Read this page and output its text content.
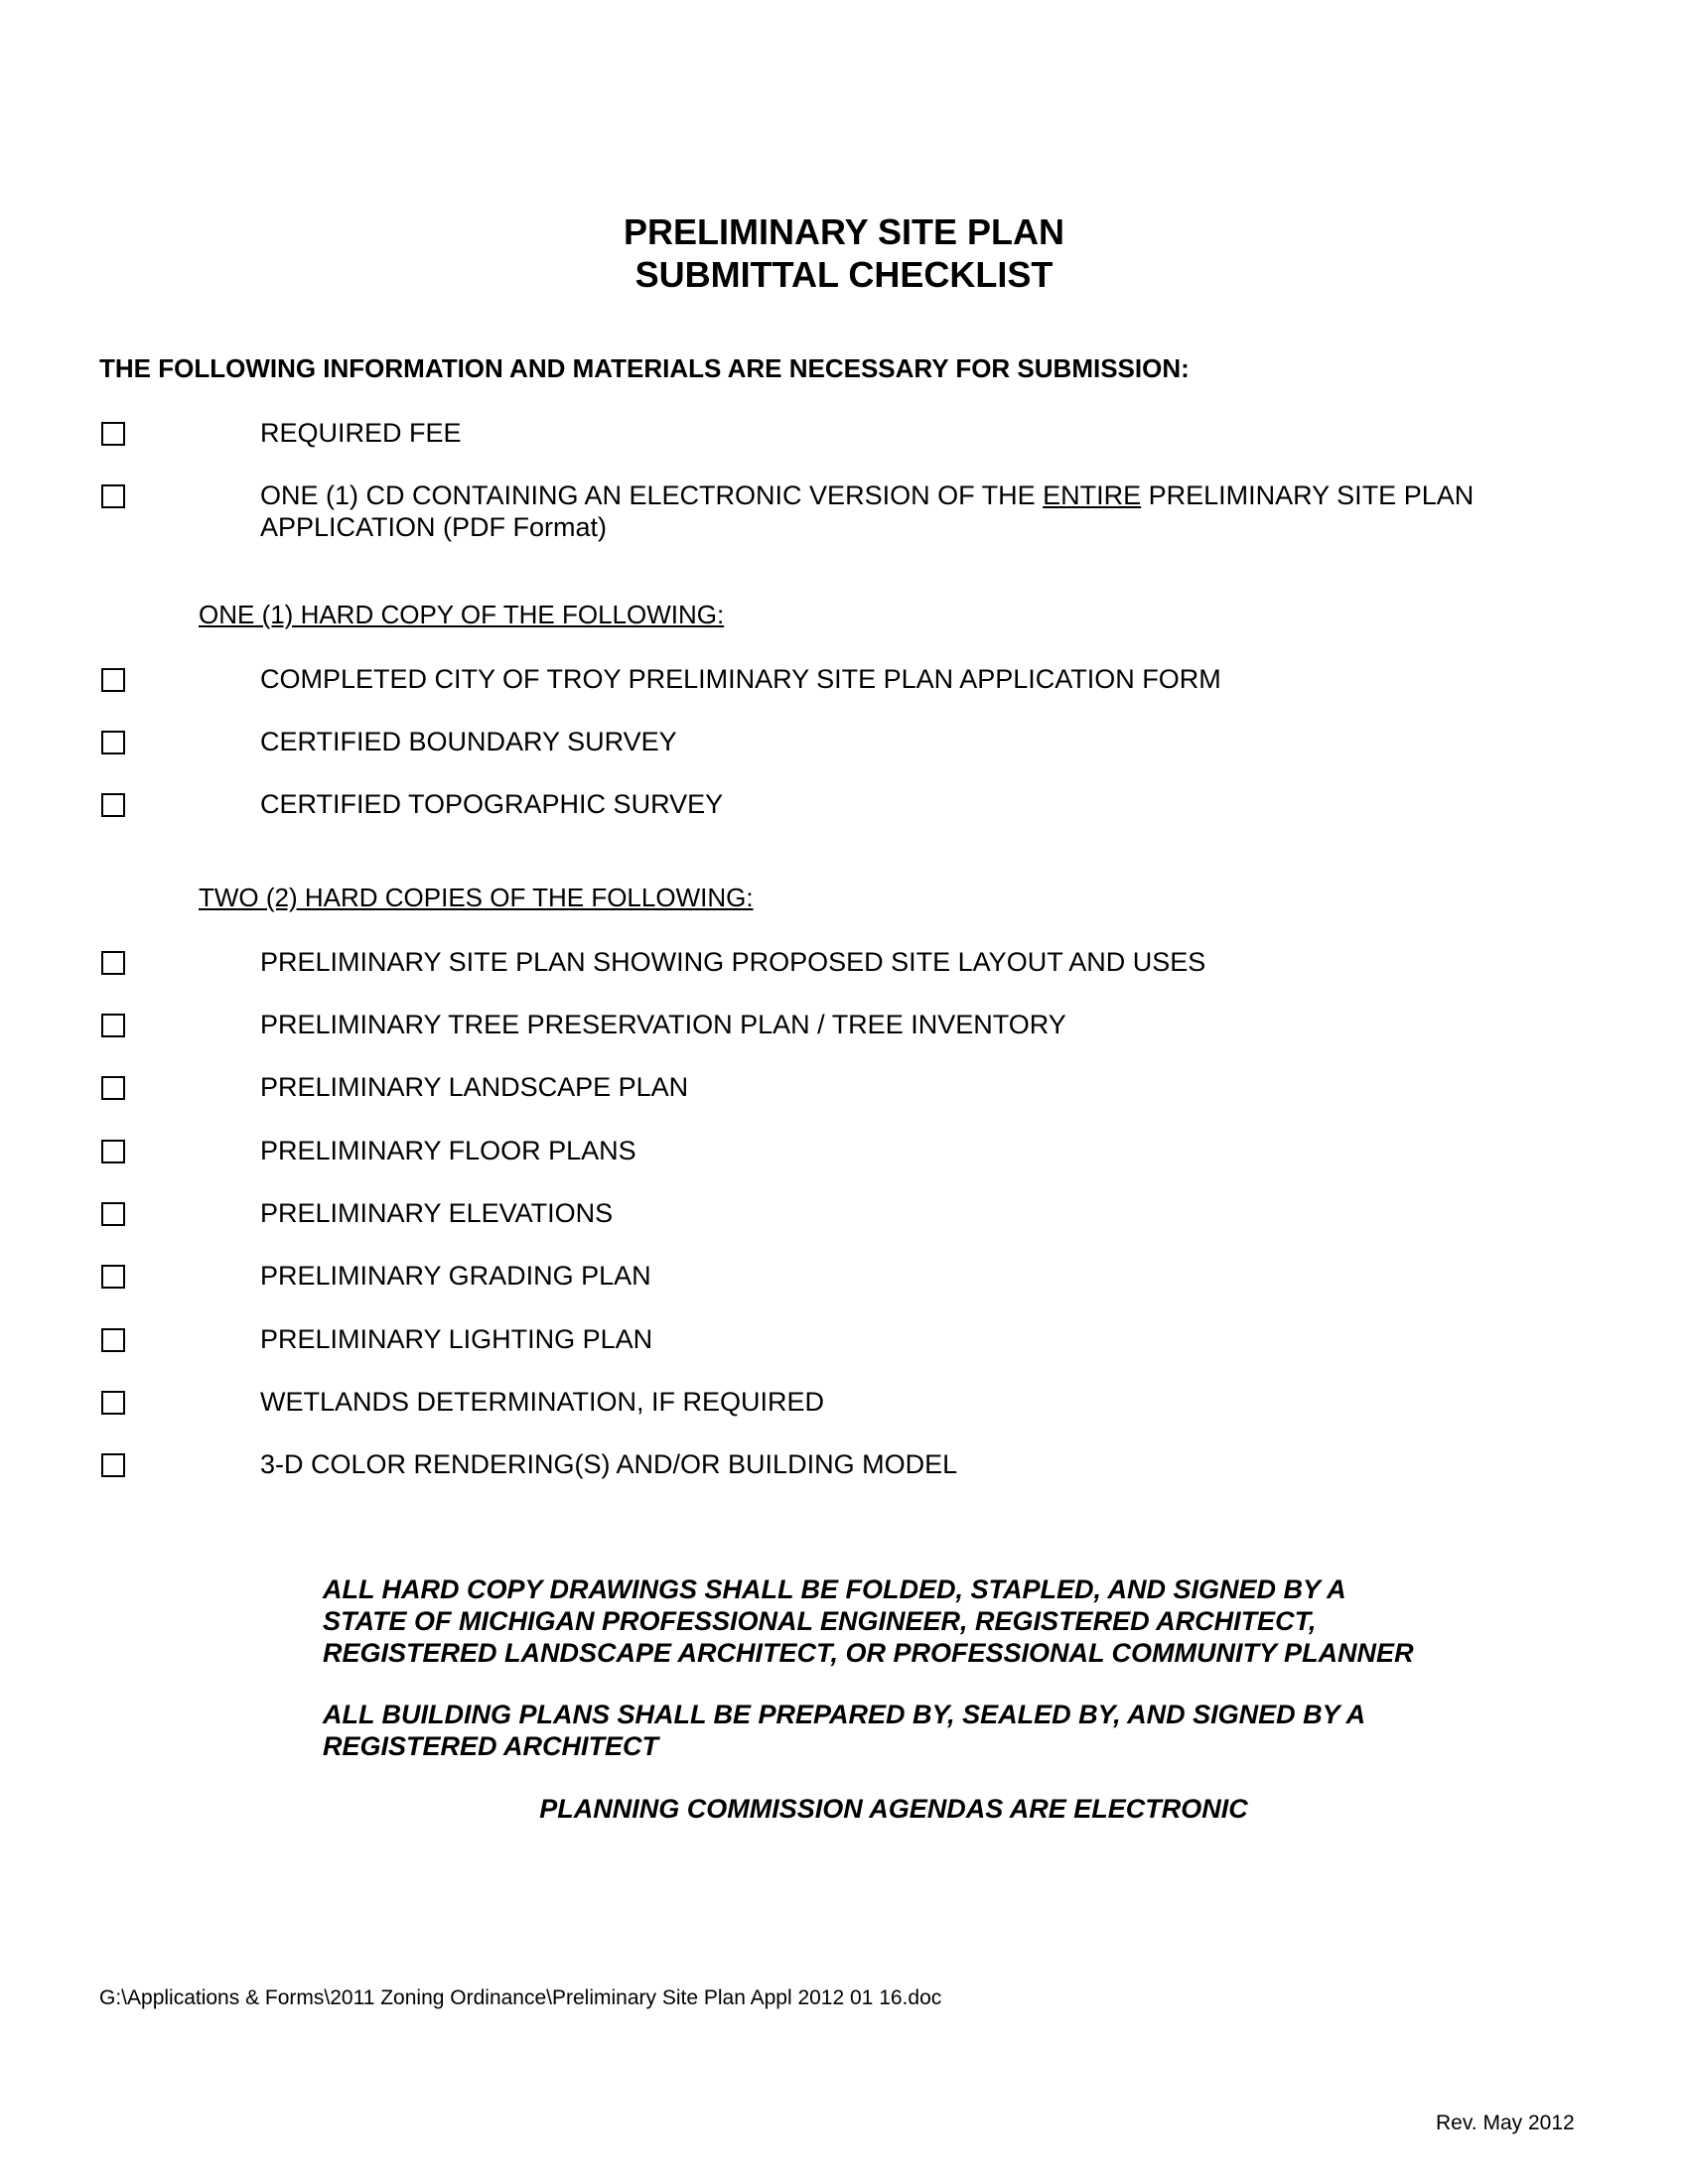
PRELIMINARY SITE PLAN
SUBMITTAL CHECKLIST
THE FOLLOWING INFORMATION AND MATERIALS ARE NECESSARY FOR SUBMISSION:
REQUIRED FEE
ONE (1) CD CONTAINING AN ELECTRONIC VERSION OF THE ENTIRE PRELIMINARY SITE PLAN
APPLICATION (PDF Format)
ONE (1) HARD COPY OF THE FOLLOWING:
COMPLETED CITY OF TROY PRELIMINARY SITE PLAN APPLICATION FORM
CERTIFIED BOUNDARY SURVEY
CERTIFIED TOPOGRAPHIC SURVEY
TWO (2) HARD COPIES OF THE FOLLOWING:
PRELIMINARY SITE PLAN SHOWING PROPOSED SITE LAYOUT AND USES
PRELIMINARY TREE PRESERVATION PLAN / TREE INVENTORY
PRELIMINARY LANDSCAPE PLAN
PRELIMINARY FLOOR PLANS
PRELIMINARY ELEVATIONS
PRELIMINARY GRADING PLAN
PRELIMINARY LIGHTING PLAN
WETLANDS DETERMINATION, IF REQUIRED
3-D COLOR RENDERING(S) AND/OR BUILDING MODEL
ALL HARD COPY DRAWINGS SHALL BE FOLDED, STAPLED, AND SIGNED BY A
STATE OF MICHIGAN PROFESSIONAL ENGINEER, REGISTERED ARCHITECT,
REGISTERED LANDSCAPE ARCHITECT, OR PROFESSIONAL COMMUNITY PLANNER
ALL BUILDING PLANS SHALL BE PREPARED BY, SEALED BY, AND SIGNED BY A
REGISTERED ARCHITECT
PLANNING COMMISSION AGENDAS ARE ELECTRONIC
G:\Applications & Forms\2011 Zoning Ordinance\Preliminary Site Plan Appl 2012 01 16.doc
Rev. May 2012
